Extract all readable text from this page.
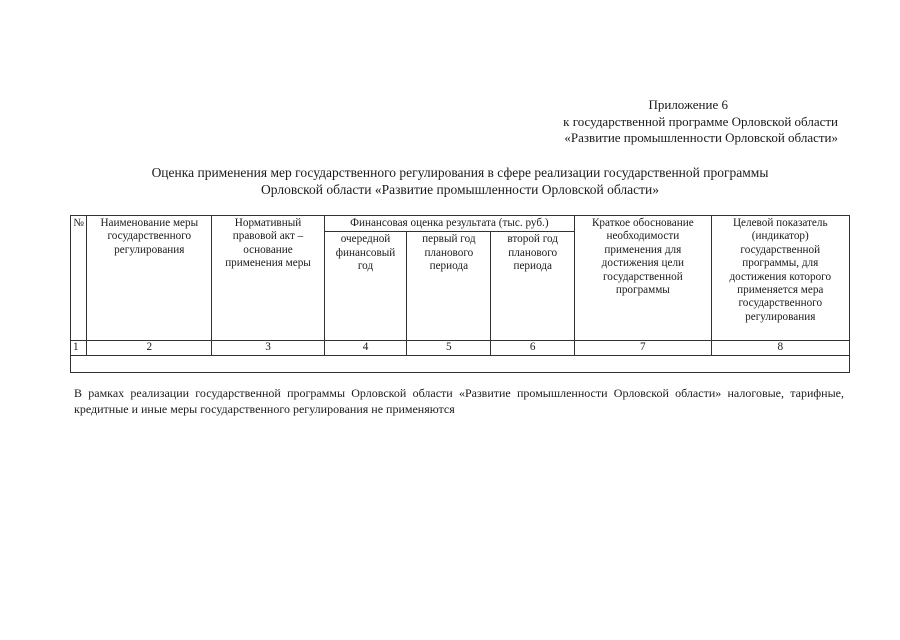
Приложение 6
к государственной программе Орловской области
«Развитие промышленности Орловской области»
Оценка применения мер государственного регулирования в сфере реализации государственной программы
Орловской области «Развитие промышленности Орловской области»
№	Наименование меры государственного регулирования	Нормативный правовой акт – основание применения меры	Финансовая оценка результата (тыс. руб.)			Краткое обоснование необходимости применения для достижения цели государственной программы	Целевой показатель (индикатор) государственной программы, для достижения которого применяется мера государственного регулирования
			очередной финансовый год	первый год планового периода	второй год планового периода		
1	2	3	4	5	6	7	8

В рамках реализации государственной программы Орловской области «Развитие промышленности Орловской области» налоговые, тарифные, кредитные и иные меры государственного регулирования не применяются
